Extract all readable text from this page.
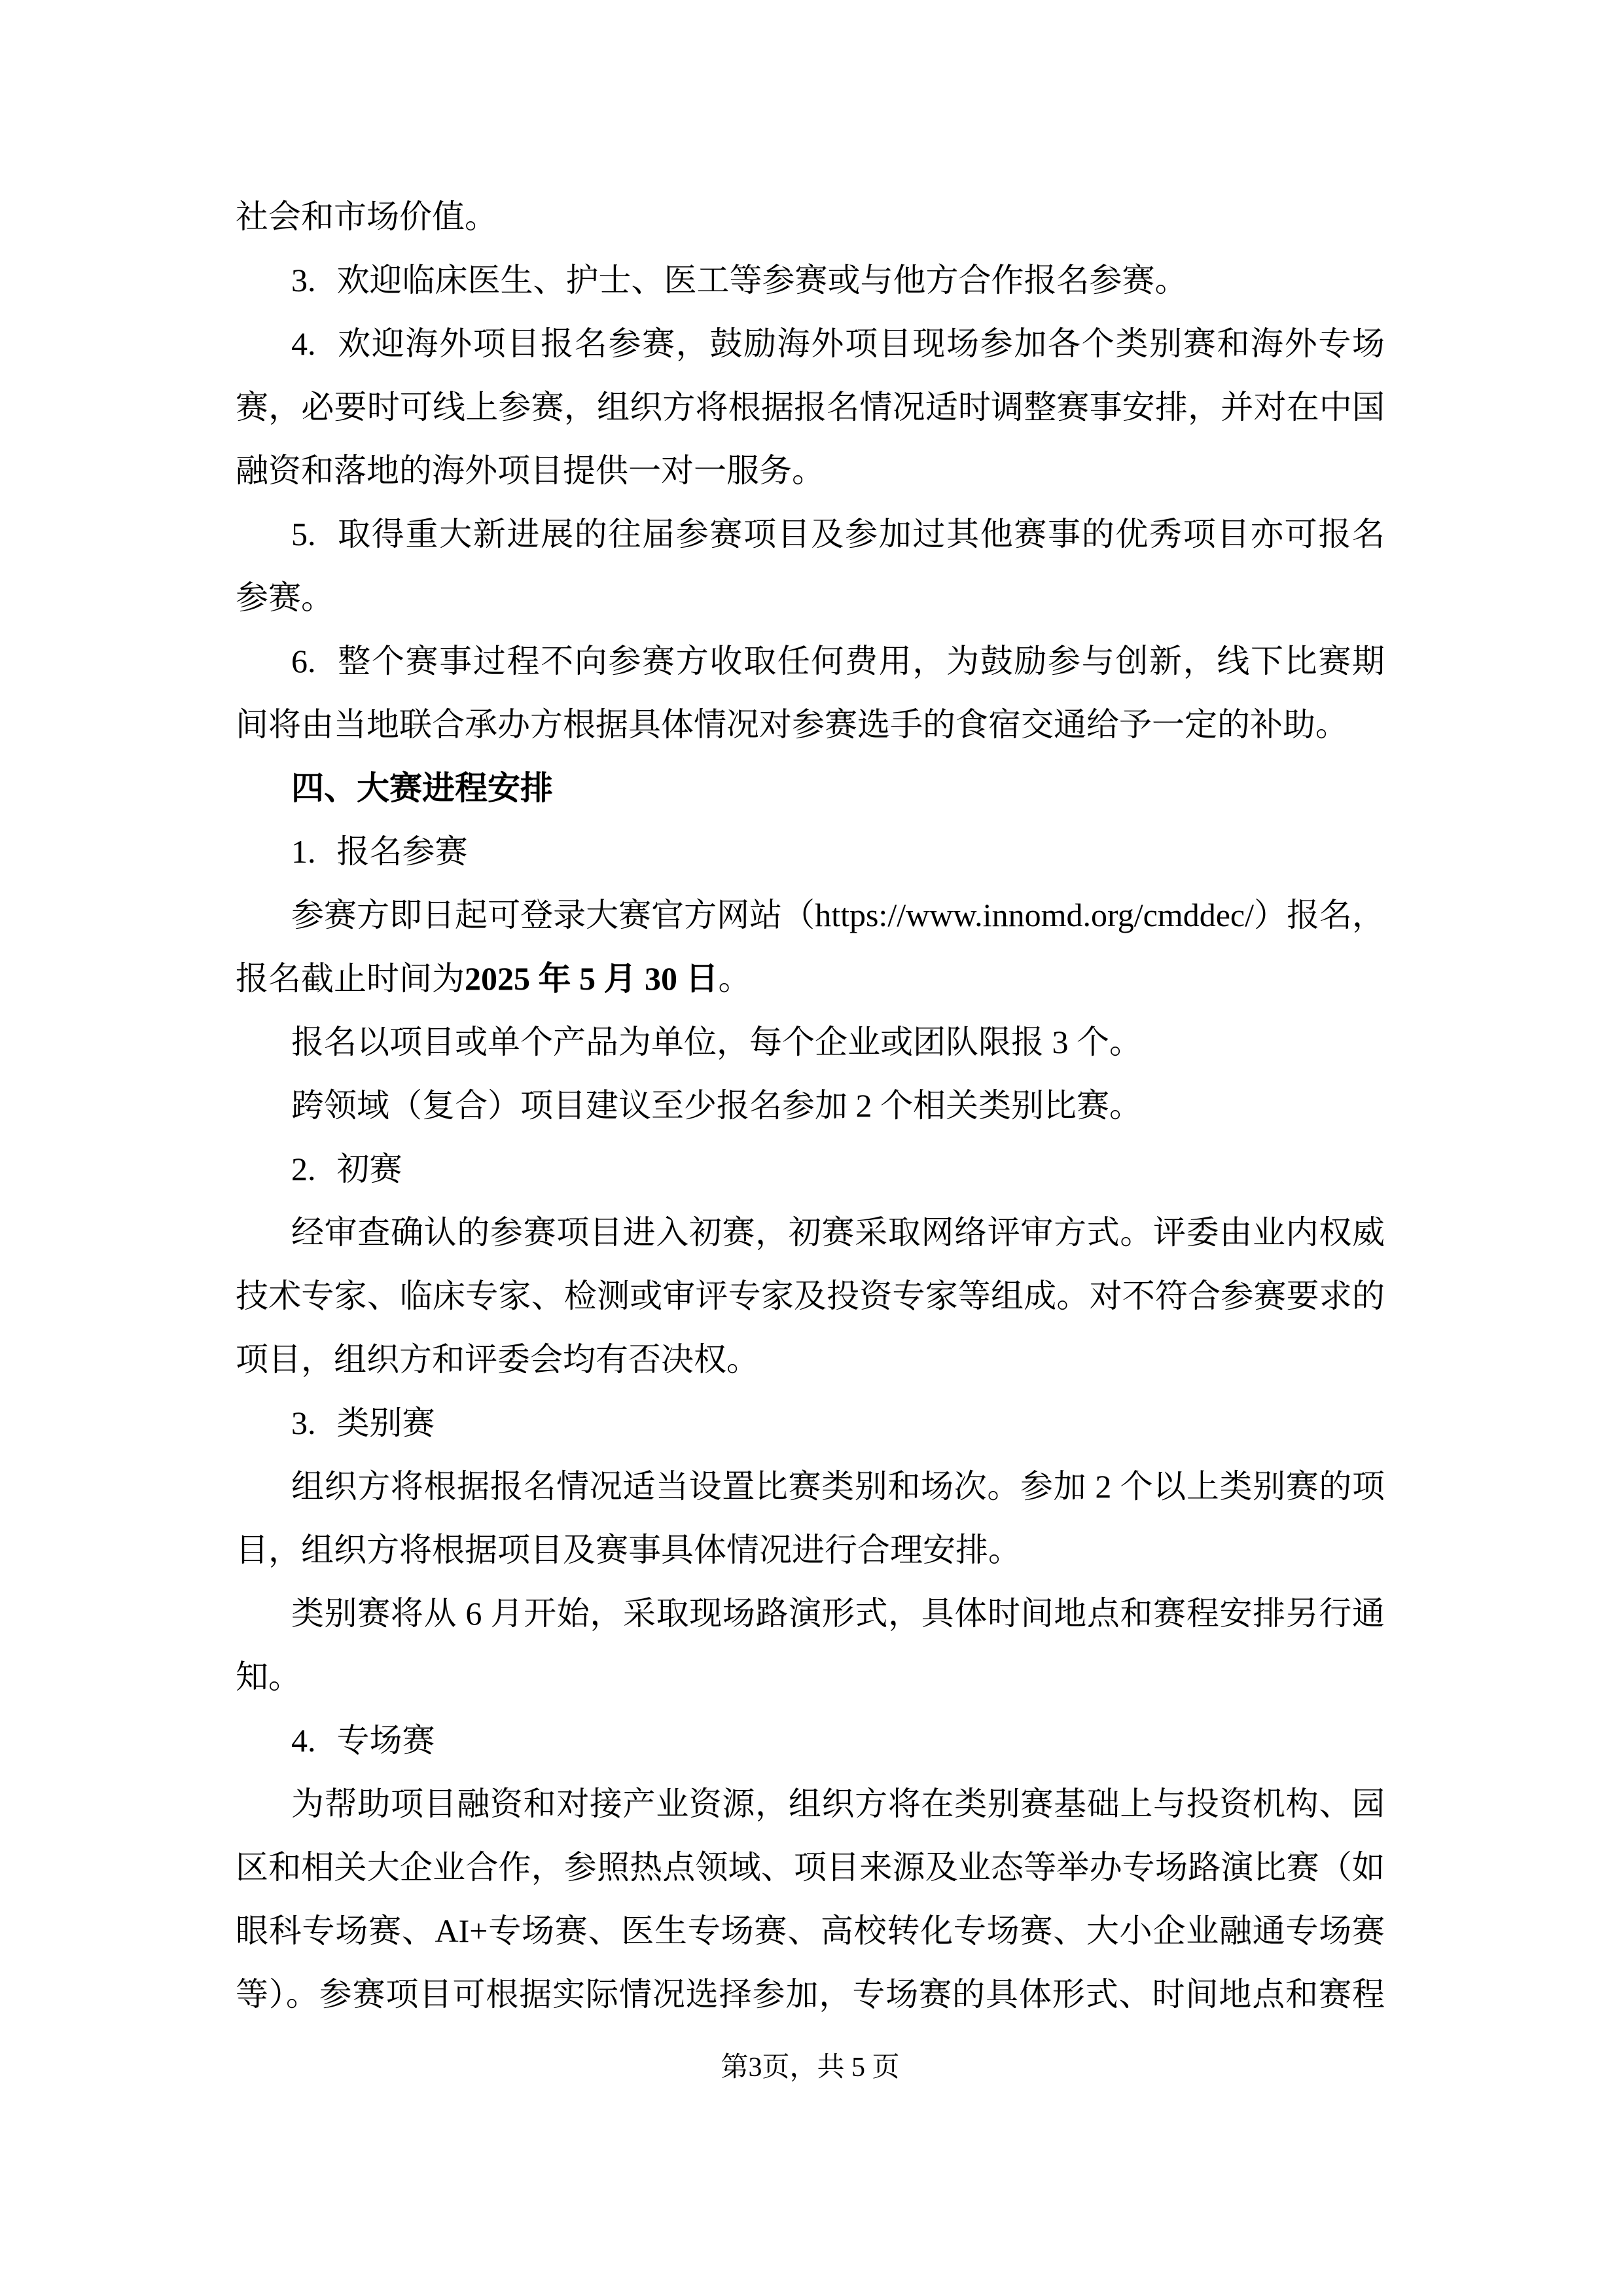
社会和市场价值。
3. 欢迎临床医生、护士、医工等参赛或与他方合作报名参赛。
4. 欢迎海外项目报名参赛，鼓励海外项目现场参加各个类别赛和海外专场
赛，必要时可线上参赛，组织方将根据报名情况适时调整赛事安排，并对在中国
融资和落地的海外项目提供一对一服务。
5. 取得重大新进展的往届参赛项目及参加过其他赛事的优秀项目亦可报名
参赛。
6. 整个赛事过程不向参赛方收取任何费用，为鼓励参与创新，线下比赛期
间将由当地联合承办方根据具体情况对参赛选手的食宿交通给予一定的补助。
四、大赛进程安排
1. 报名参赛
参赛方即日起可登录大赛官方网站（https://www.innomd.org/cmddec/）报名，
报名截止时间为2025 年 5 月 30 日。
报名以项目或单个产品为单位，每个企业或团队限报 3 个。
跨领域（复合）项目建议至少报名参加 2 个相关类别比赛。
2. 初赛
经审查确认的参赛项目进入初赛，初赛采取网络评审方式。评委由业内权威
技术专家、临床专家、检测或审评专家及投资专家等组成。对不符合参赛要求的
项目，组织方和评委会均有否决权。
3. 类别赛
组织方将根据报名情况适当设置比赛类别和场次。参加 2 个以上类别赛的项
目，组织方将根据项目及赛事具体情况进行合理安排。
类别赛将从 6 月开始，采取现场路演形式，具体时间地点和赛程安排另行通
知。
4. 专场赛
为帮助项目融资和对接产业资源，组织方将在类别赛基础上与投资机构、园
区和相关大企业合作，参照热点领域、项目来源及业态等举办专场路演比赛（如
眼科专场赛、AI+专场赛、医生专场赛、高校转化专场赛、大小企业融通专场赛
等）。参赛项目可根据实际情况选择参加，专场赛的具体形式、时间地点和赛程
第3页，共 5 页
